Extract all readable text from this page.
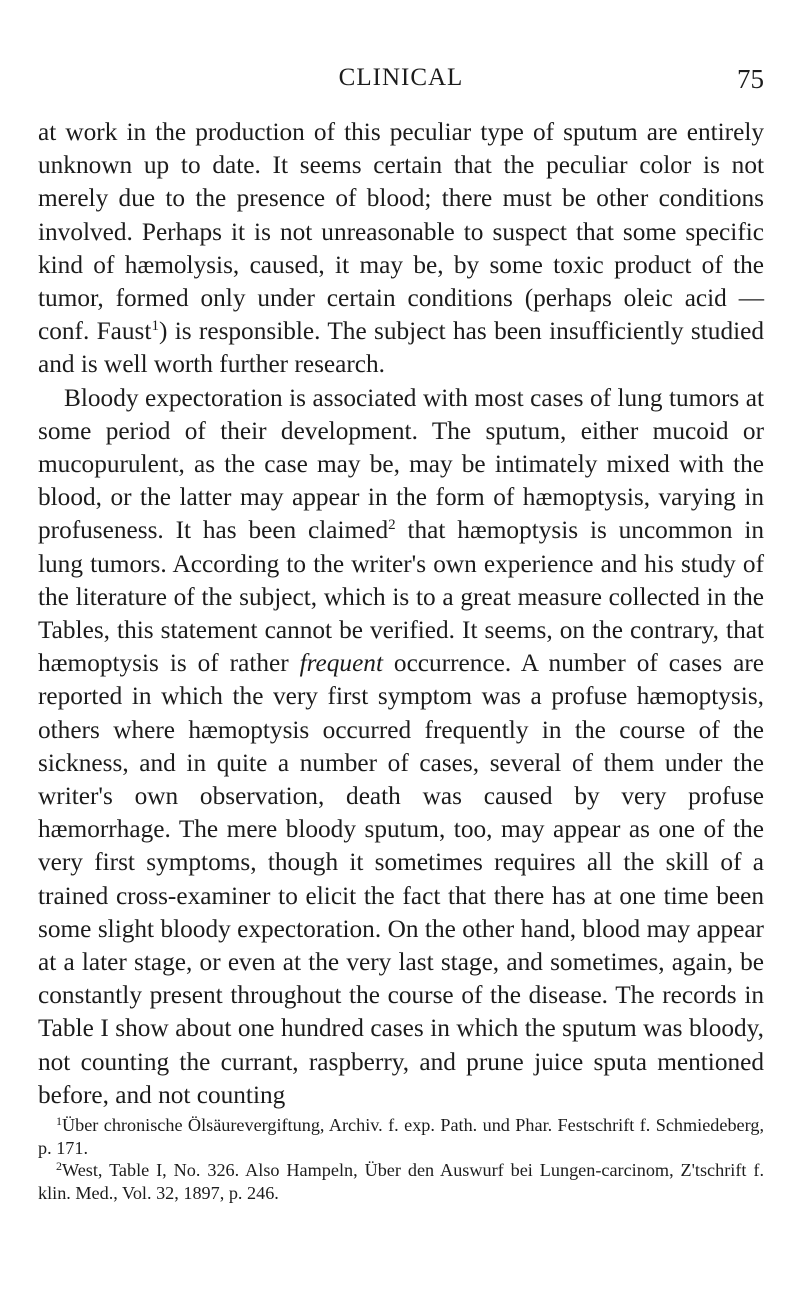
CLINICAL	75

at work in the production of this peculiar type of sputum are entirely unknown up to date. It seems certain that the peculiar color is not merely due to the presence of blood; there must be other conditions involved. Perhaps it is not unreasonable to suspect that some specific kind of hæmolysis, caused, it may be, by some toxic product of the tumor, formed only under certain conditions (perhaps oleic acid — conf. Faust$^1$) is responsible. The subject has been insufficiently studied and is well worth further research.

Bloody expectoration is associated with most cases of lung tumors at some period of their development. The sputum, either mucoid or mucopurulent, as the case may be, may be intimately mixed with the blood, or the latter may appear in the form of hæmoptysis, varying in profuseness. It has been claimed$^2$ that hæmoptysis is uncommon in lung tumors. According to the writer's own experience and his study of the literature of the subject, which is to a great measure collected in the Tables, this statement cannot be verified. It seems, on the contrary, that hæmoptysis is of rather frequent occurrence. A number of cases are reported in which the very first symptom was a profuse hæmoptysis, others where hæmoptysis occurred frequently in the course of the sickness, and in quite a number of cases, several of them under the writer's own observation, death was caused by very profuse hæmorrhage. The mere bloody sputum, too, may appear as one of the very first symptoms, though it sometimes requires all the skill of a trained cross-examiner to elicit the fact that there has at one time been some slight bloody expectoration. On the other hand, blood may appear at a later stage, or even at the very last stage, and sometimes, again, be constantly present throughout the course of the disease. The records in Table I show about one hundred cases in which the sputum was bloody, not counting the currant, raspberry, and prune juice sputa mentioned before, and not counting

$^1$Über chronische Ölsäurevergiftung, Archiv. f. exp. Path. und Phar. Festschrift f. Schmiedeberg, p. 171.

$^2$West, Table I, No. 326. Also Hampeln, Über den Auswurf bei Lungen-carcinom, Z'tschrift f. klin. Med., Vol. 32, 1897, p. 246.
